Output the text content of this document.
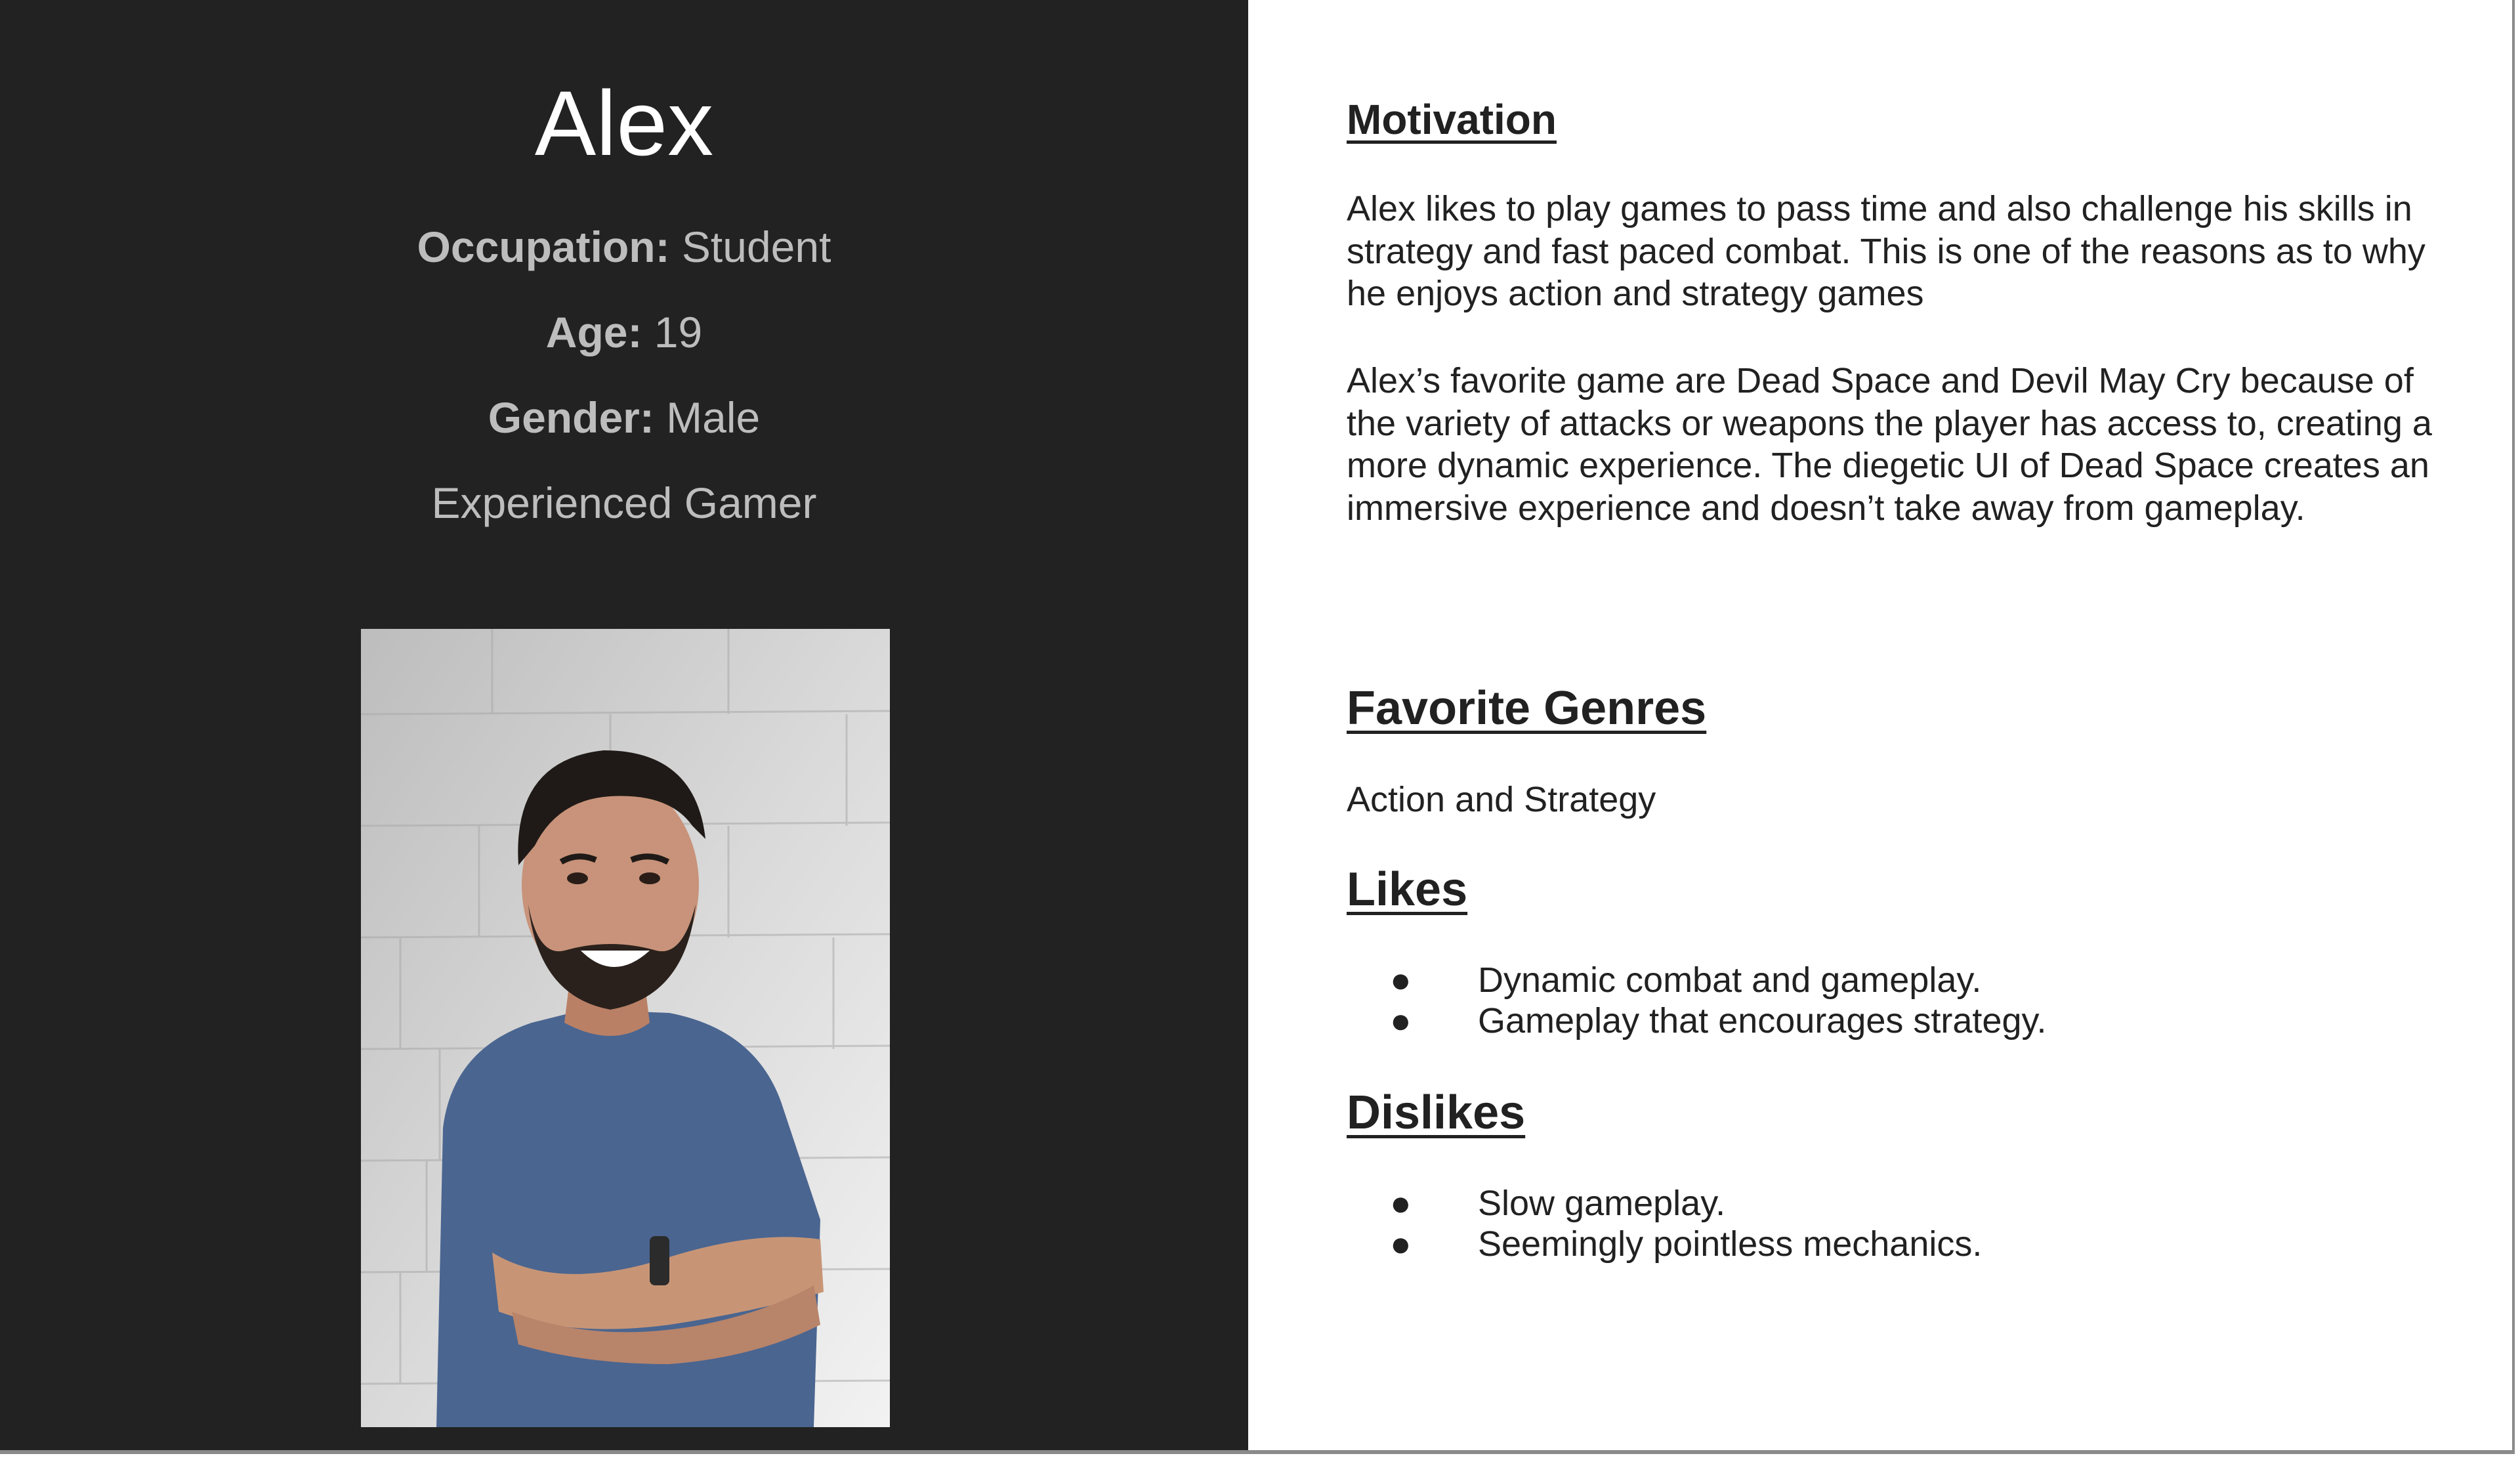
Alex
Occupation: Student
Age: 19
Gender: Male
Experienced Gamer
Motivation

Alex likes to play games to pass time and also challenge his skills in strategy and fast paced combat. This is one of the reasons as to why he enjoys action and strategy games

Alex’s favorite game are Dead Space and Devil May Cry because of the variety of attacks or weapons the player has access to, creating a more dynamic experience. The diegetic UI of Dead Space creates an immersive experience and doesn’t take away from gameplay.

Favorite Genres

Action and Strategy

Likes
● Dynamic combat and gameplay.
● Gameplay that encourages strategy.
Dislikes
● Slow gameplay.
● Seemingly pointless mechanics.
